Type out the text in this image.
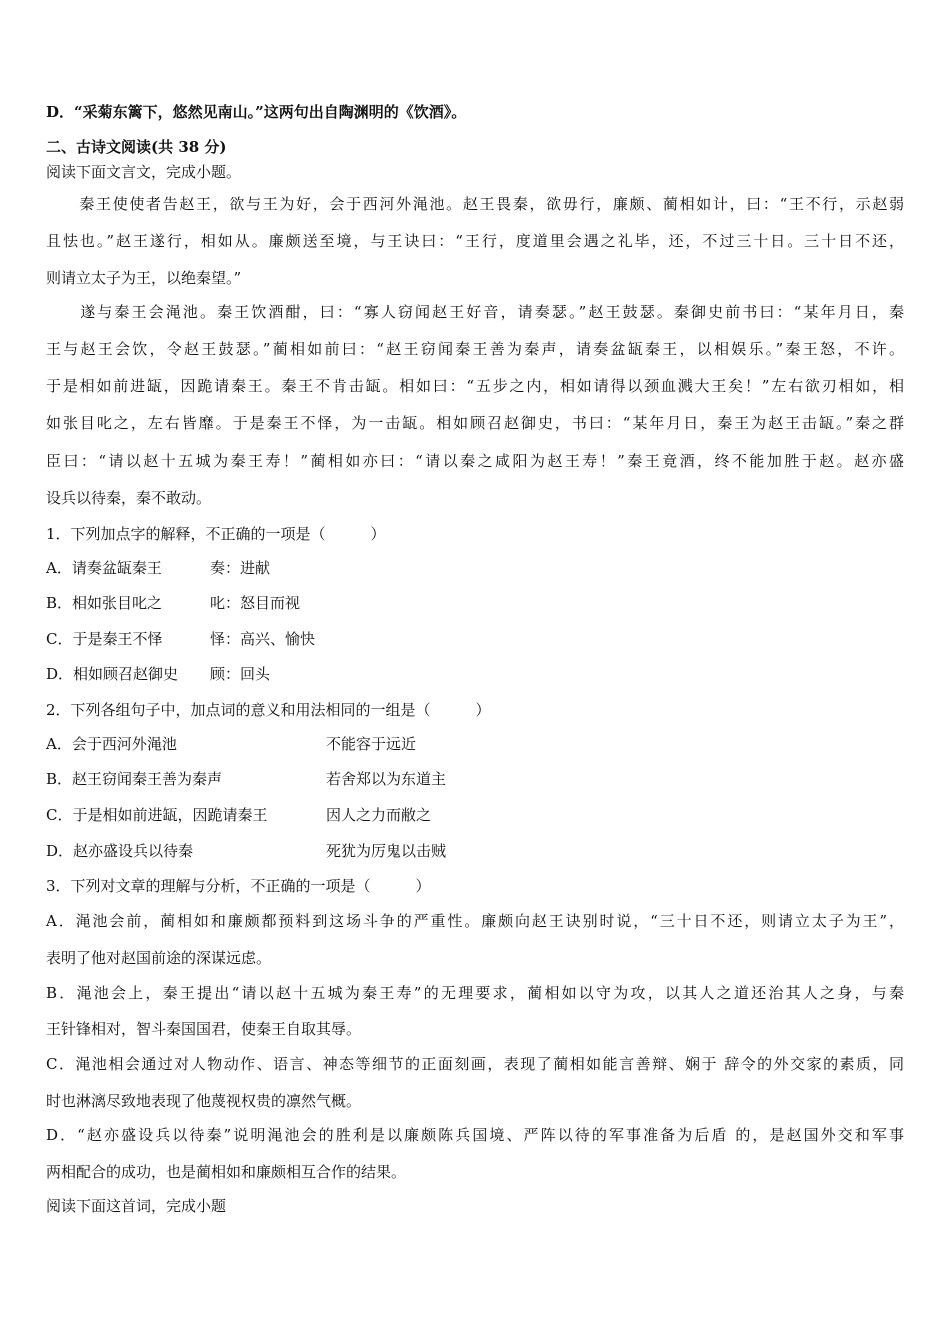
D．“采菊东篱下，悠然见南山。”这两句出自陶渊明的《饮酒》。
二、古诗文阅读(共 38 分)
阅读下面文言文，完成小题。
　　秦王使使者告赵王，欲与王为好，会于西河外渑池。赵王畏秦，欲毋行，廉颇、蔺相如计，曰：“王不行，示赵弱
且怯也。”赵王遂行，相如从。廉颇送至境，与王诀曰：“王行，度道里会遇之礼毕，还，不过三十日。三十日不还，
则请立太子为王，以绝秦望。”
　　遂与秦王会渑池。秦王饮酒酣，曰：“寡人窃闻赵王好音，请奏瑟。”赵王鼓瑟。秦御史前书曰：“某年月日，秦
王与赵王会饮，令赵王鼓瑟。”蔺相如前曰：“赵王窃闻秦王善为秦声，请奏盆缻秦王，以相娱乐。”秦王怒，不许。
于是相如前进缻，因跪请秦王。秦王不肯击缻。相如曰：“五步之内，相如请得以颈血溅大王矣！”左右欲刃相如，相
如张目叱之，左右皆靡。于是秦王不怿，为一击缻。相如顾召赵御史，书曰：“某年月日，秦王为赵王击缻。”秦之群
臣曰：“请以赵十五城为秦王寿！”蔺相如亦曰：“请以秦之咸阳为赵王寿！”秦王竟酒，终不能加胜于赵。赵亦盛
设兵以待秦，秦不敢动。
1．下列加点字的解释，不正确的一项是（　　　）
A．请奏盆缻秦王	奏：进献
B．相如张目叱之	叱：怒目而视
C．于是秦王不怿	怿：高兴、愉快
D．相如顾召赵御史 顾：回头
2．下列各组句子中，加点词的意义和用法相同的一组是（　　　）
A．会于西河外渑池	不能容于远近
B．赵王窃闻秦王善为秦声	若舍郑以为东道主
C．于是相如前进缻，因跪请秦王	因人之力而敝之
D．赵亦盛设兵以待秦	死犹为厉鬼以击贼
3．下列对文章的理解与分析，不正确的一项是（　　　）
A．渑池会前，蔺相如和廉颇都预料到这场斗争的严重性。廉颇向赵王诀别时说，“三十日不还，则请立太子为王”，
表明了他对赵国前途的深谋远虑。
B．渑池会上，秦王提出“请以赵十五城为秦王寿”的无理要求，蔺相如以守为攻，以其人之道还治其人之身，与秦
王针锋相对，智斗秦国国君，使秦王自取其辱。
C．渑池相会通过对人物动作、语言、神态等细节的正面刻画，表现了蔺相如能言善辩、娴于 辞令的外交家的素质，同
时也淋漓尽致地表现了他蔑视权贵的凛然气概。
D．“赵亦盛设兵以待秦”说明渑池会的胜利是以廉颇陈兵国境、严阵以待的军事准备为后盾 的，是赵国外交和军事
两相配合的成功，也是蔺相如和廉颇相互合作的结果。
阅读下面这首词，完成小题
